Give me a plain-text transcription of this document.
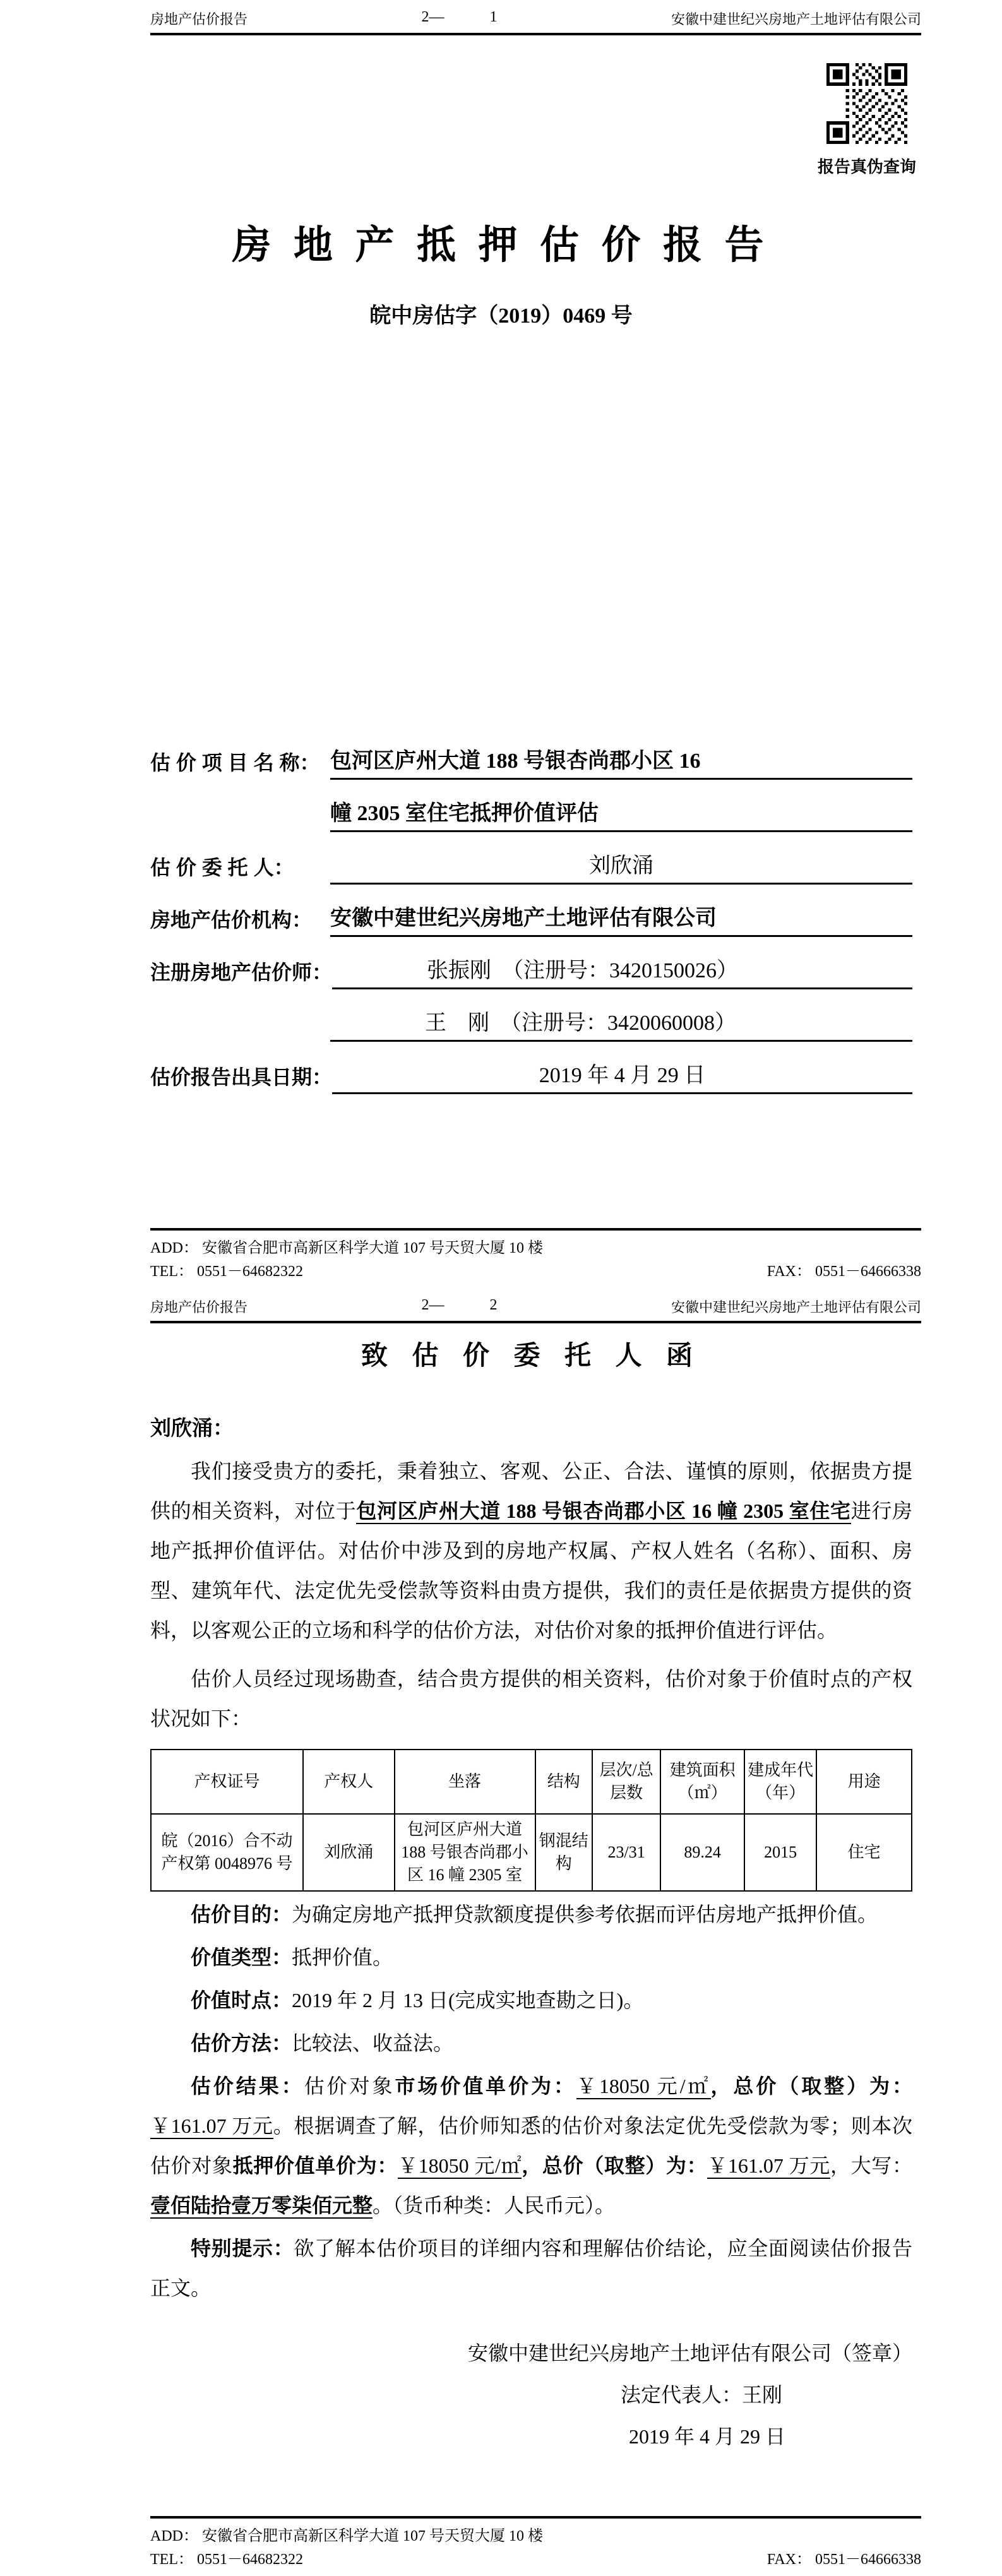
房地产估价报告	2—	1	安徽中建世纪兴房地产土地评估有限公司
报告真伪查询
房 地 产 抵 押 估 价 报 告
皖中房估字（2019）0469 号
估 价 项 目 名 称： 包河区庐州大道 188 号银杏尚郡小区 16
幢 2305 室住宅抵押价值评估
估 价 委 托 人：	刘欣涌
房地产估价机构： 安徽中建世纪兴房地产土地评估有限公司
注册房地产估价师：	张振刚　（注册号：3420150026）
王　刚　（注册号：3420060008）
估价报告出具日期：	2019 年 4 月 29 日
ADD： 安徽省合肥市高新区科学大道 107 号天贸大厦 10 楼
TEL： 0551－64682322	FAX： 0551－64666338
房地产估价报告	2—	2	安徽中建世纪兴房地产土地评估有限公司
致 估 价 委 托 人 函
刘欣涌：

我们接受贵方的委托，秉着独立、客观、公正、合法、谨慎的原则，依据贵方提供的相关资料，对位于包河区庐州大道 188 号银杏尚郡小区 16 幢 2305 室住宅进行房地产抵押价值评估。对估价中涉及到的房地产权属、产权人姓名（名称）、面积、房型、建筑年代、法定优先受偿款等资料由贵方提供，我们的责任是依据贵方提供的资料，以客观公正的立场和科学的估价方法，对估价对象的抵押价值进行评估。

估价人员经过现场勘查，结合贵方提供的相关资料，估价对象于价值时点的产权状况如下：

产权证号	产权人	坐落	结构	层次/总层数	建筑面积（㎡）	建成年代（年）	用途
皖（2016）合不动产权第 0048976 号	刘欣涌	包河区庐州大道 188 号银杏尚郡小区 16 幢 2305 室	钢混结构	23/31	89.24	2015	住宅

估价目的：为确定房地产抵押贷款额度提供参考依据而评估房地产抵押价值。

价值类型：抵押价值。

价值时点：2019 年 2 月 13 日(完成实地查勘之日)。

估价方法：比较法、收益法。

估价结果：估价对象市场价值单价为：￥18050 元/㎡，总价（取整）为：￥161.07 万元。根据调查了解，估价师知悉的估价对象法定优先受偿款为零；则本次估价对象抵押价值单价为：￥18050 元/㎡，总价（取整）为：￥161.07 万元，大写：壹佰陆拾壹万零柒佰元整。（货币种类：人民币元）。

特别提示：欲了解本估价项目的详细内容和理解估价结论，应全面阅读估价报告正文。

安徽中建世纪兴房地产土地评估有限公司（签章）
法定代表人：王刚
2019 年 4 月 29 日
ADD： 安徽省合肥市高新区科学大道 107 号天贸大厦 10 楼
TEL： 0551－64682322	FAX： 0551－64666338
